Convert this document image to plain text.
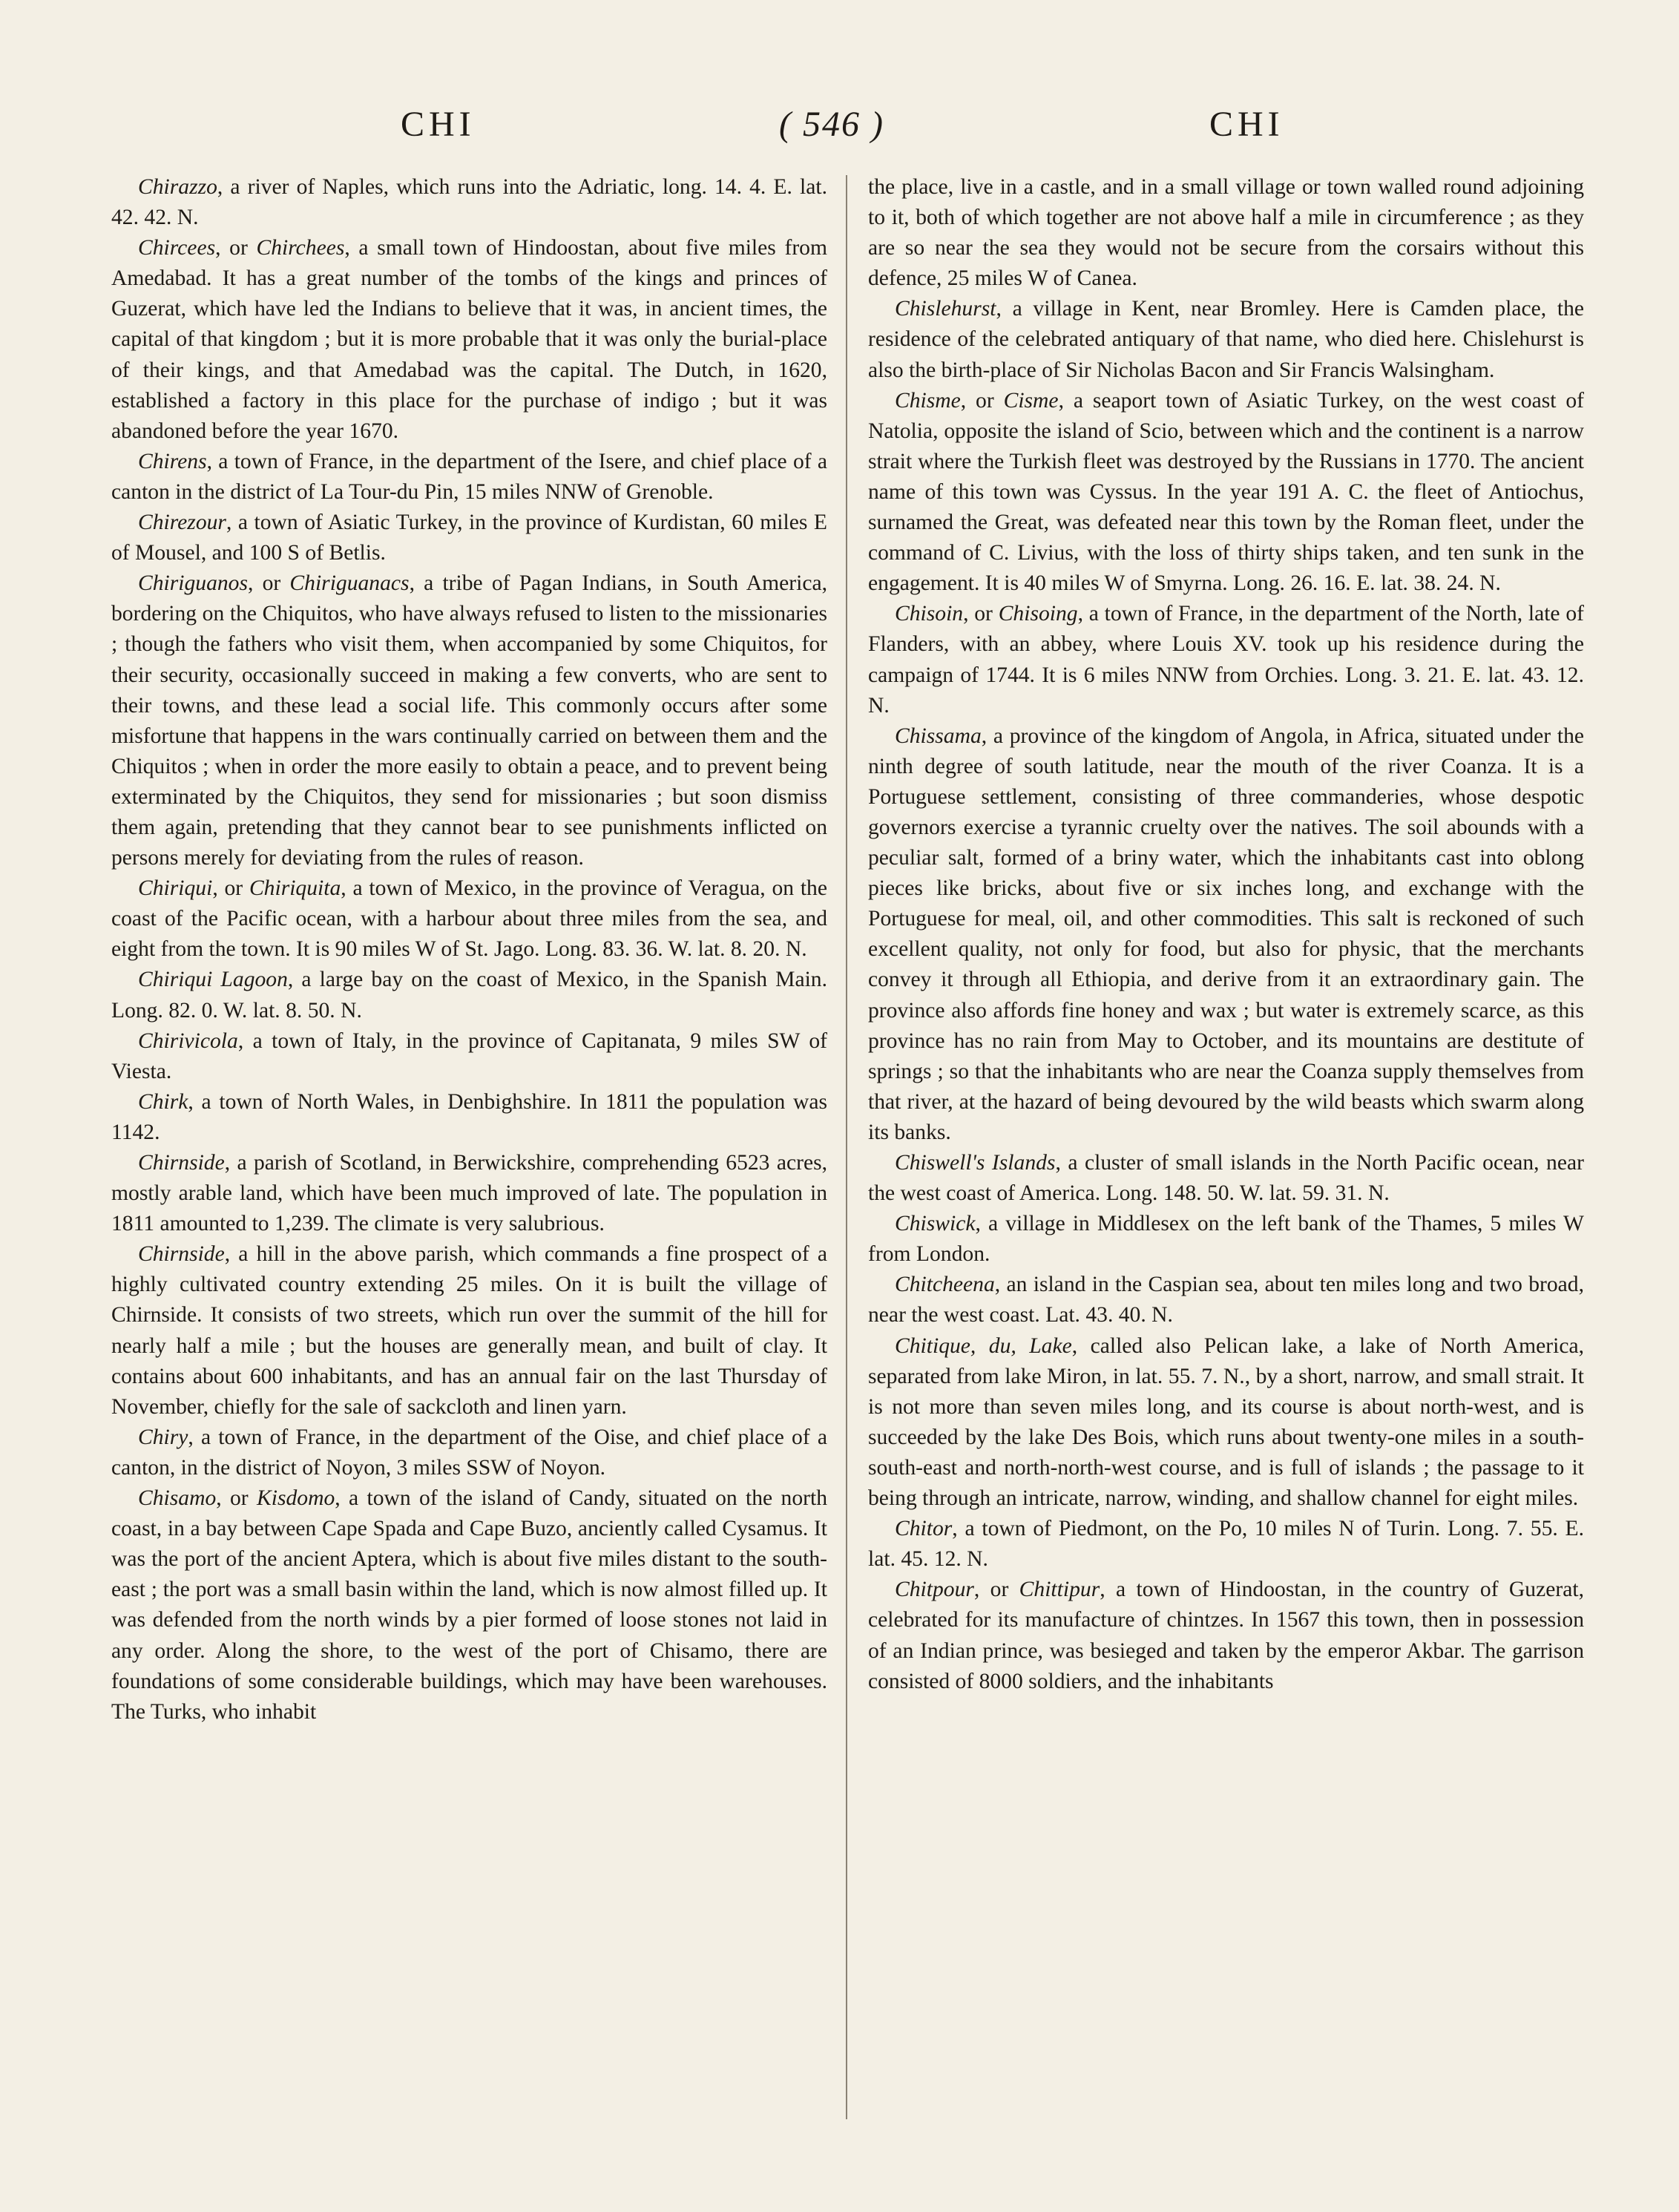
CHI	( 546 )	CHI

Chirazzo, a river of Naples, which runs into the Adriatic, long. 14. 4. E. lat. 42. 42. N.

Chircees, or Chirchees, a small town of Hindoostan, about five miles from Amedabad. It has a great number of the tombs of the kings and princes of Guzerat, which have led the Indians to believe that it was, in ancient times, the capital of that kingdom ; but it is more probable that it was only the burial-place of their kings, and that Amedabad was the capital. The Dutch, in 1620, established a factory in this place for the purchase of indigo ; but it was abandoned before the year 1670.

Chirens, a town of France, in the department of the Isere, and chief place of a canton in the district of La Tour-du Pin, 15 miles NNW of Grenoble.

Chirezour, a town of Asiatic Turkey, in the province of Kurdistan, 60 miles E of Mousel, and 100 S of Betlis.

Chiriguanos, or Chiriguanacs, a tribe of Pagan Indians, in South America, bordering on the Chiquitos, who have always refused to listen to the missionaries ; though the fathers who visit them, when accompanied by some Chiquitos, for their security, occasionally succeed in making a few converts, who are sent to their towns, and these lead a social life. This commonly occurs after some misfortune that happens in the wars continually carried on between them and the Chiquitos ; when in order the more easily to obtain a peace, and to prevent being exterminated by the Chiquitos, they send for missionaries ; but soon dismiss them again, pretending that they cannot bear to see punishments inflicted on persons merely for deviating from the rules of reason.

Chiriqui, or Chiriquita, a town of Mexico, in the province of Veragua, on the coast of the Pacific ocean, with a harbour about three miles from the sea, and eight from the town. It is 90 miles W of St. Jago. Long. 83. 36. W. lat. 8. 20. N.

Chiriqui Lagoon, a large bay on the coast of Mexico, in the Spanish Main. Long. 82. 0. W. lat. 8. 50. N.

Chirivicola, a town of Italy, in the province of Capitanata, 9 miles SW of Viesta.

Chirk, a town of North Wales, in Denbighshire. In 1811 the population was 1142.

Chirnside, a parish of Scotland, in Berwickshire, comprehending 6523 acres, mostly arable land, which have been much improved of late. The population in 1811 amounted to 1,239. The climate is very salubrious.

Chirnside, a hill in the above parish, which commands a fine prospect of a highly cultivated country extending 25 miles. On it is built the village of Chirnside. It consists of two streets, which run over the summit of the hill for nearly half a mile ; but the houses are generally mean, and built of clay. It contains about 600 inhabitants, and has an annual fair on the last Thursday of November, chiefly for the sale of sackcloth and linen yarn.

Chiry, a town of France, in the department of the Oise, and chief place of a canton, in the district of Noyon, 3 miles SSW of Noyon.

Chisamo, or Kisdomo, a town of the island of Candy, situated on the north coast, in a bay between Cape Spada and Cape Buzo, anciently called Cysamus. It was the port of the ancient Aptera, which is about five miles distant to the south-east ; the port was a small basin within the land, which is now almost filled up. It was defended from the north winds by a pier formed of loose stones not laid in any order. Along the shore, to the west of the port of Chisamo, there are foundations of some considerable buildings, which may have been warehouses. The Turks, who inhabit

the place, live in a castle, and in a small village or town walled round adjoining to it, both of which together are not above half a mile in circumference ; as they are so near the sea they would not be secure from the corsairs without this defence, 25 miles W of Canea.

Chislehurst, a village in Kent, near Bromley. Here is Camden place, the residence of the celebrated antiquary of that name, who died here. Chislehurst is also the birth-place of Sir Nicholas Bacon and Sir Francis Walsingham.

Chisme, or Cisme, a seaport town of Asiatic Turkey, on the west coast of Natolia, opposite the island of Scio, between which and the continent is a narrow strait where the Turkish fleet was destroyed by the Russians in 1770. The ancient name of this town was Cyssus. In the year 191 A. C. the fleet of Antiochus, surnamed the Great, was defeated near this town by the Roman fleet, under the command of C. Livius, with the loss of thirty ships taken, and ten sunk in the engagement. It is 40 miles W of Smyrna. Long. 26. 16. E. lat. 38. 24. N.

Chisoin, or Chisoing, a town of France, in the department of the North, late of Flanders, with an abbey, where Louis XV. took up his residence during the campaign of 1744. It is 6 miles NNW from Orchies. Long. 3. 21. E. lat. 43. 12. N.

Chissama, a province of the kingdom of Angola, in Africa, situated under the ninth degree of south latitude, near the mouth of the river Coanza. It is a Portuguese settlement, consisting of three commanderies, whose despotic governors exercise a tyrannic cruelty over the natives. The soil abounds with a peculiar salt, formed of a briny water, which the inhabitants cast into oblong pieces like bricks, about five or six inches long, and exchange with the Portuguese for meal, oil, and other commodities. This salt is reckoned of such excellent quality, not only for food, but also for physic, that the merchants convey it through all Ethiopia, and derive from it an extraordinary gain. The province also affords fine honey and wax ; but water is extremely scarce, as this province has no rain from May to October, and its mountains are destitute of springs ; so that the inhabitants who are near the Coanza supply themselves from that river, at the hazard of being devoured by the wild beasts which swarm along its banks.

Chiswell's Islands, a cluster of small islands in the North Pacific ocean, near the west coast of America. Long. 148. 50. W. lat. 59. 31. N.

Chiswick, a village in Middlesex on the left bank of the Thames, 5 miles W from London.

Chitcheena, an island in the Caspian sea, about ten miles long and two broad, near the west coast. Lat. 43. 40. N.

Chitique, du, Lake, called also Pelican lake, a lake of North America, separated from lake Miron, in lat. 55. 7. N., by a short, narrow, and small strait. It is not more than seven miles long, and its course is about north-west, and is succeeded by the lake Des Bois, which runs about twenty-one miles in a south-south-east and north-north-west course, and is full of islands ; the passage to it being through an intricate, narrow, winding, and shallow channel for eight miles.

Chitor, a town of Piedmont, on the Po, 10 miles N of Turin. Long. 7. 55. E. lat. 45. 12. N.

Chitpour, or Chittipur, a town of Hindoostan, in the country of Guzerat, celebrated for its manufacture of chintzes. In 1567 this town, then in possession of an Indian prince, was besieged and taken by the emperor Akbar. The garrison consisted of 8000 soldiers, and the inhabitants
